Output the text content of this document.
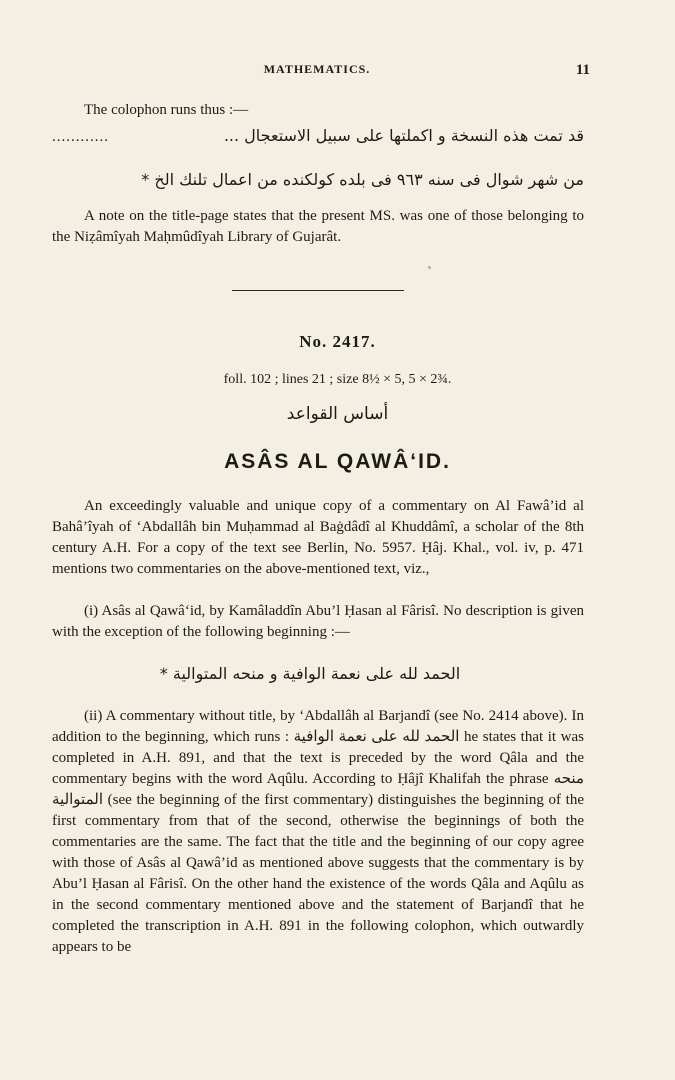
MATHEMATICS.	11
The colophon runs thus :—
............	قد تمت هذه النسخة و اكملتها على سبيل الاستعجال ...
من شهر شوال فى سنه ٩٦٣ فى بلده كولكنده من اعمال تلنك الخ *
A note on the title-page states that the present MS. was one of those belonging to the Niẓâmîyah Maḥmûdîyah Library of Gujarât.
No. 2417.
foll. 102 ; lines 21 ; size 8½ × 5, 5 × 2¾.
أساس القواعد
ASÂS AL QAWÂ‘ID.
An exceedingly valuable and unique copy of a commentary on Al Fawâ’id al Bahâ’îyah of ‘Abdallâh bin Muḥammad al Baġdâdî al Khuddâmî, a scholar of the 8th century A.H. For a copy of the text see Berlin, No. 5957. Ḥâj. Khal., vol. iv, p. 471 mentions two commentaries on the above-mentioned text, viz.,
(i) Asâs al Qawâ‘id, by Kamâladdîn Abu’l Ḥasan al Fârisî. No description is given with the exception of the following beginning :—
الحمد لله على نعمة الوافية و منحه المتوالية *
(ii) A commentary without title, by ‘Abdallâh al Barjandî (see No. 2414 above). In addition to the beginning, which runs : الحمد لله على نعمة الوافية he states that it was completed in A.H. 891, and that the text is preceded by the word Qâla and the commentary begins with the word Aqûlu. According to Ḥâjî Khalifah the phrase منحه المتوالية (see the beginning of the first commentary) distinguishes the beginning of the first commentary from that of the second, otherwise the beginnings of both the commentaries are the same. The fact that the title and the beginning of our copy agree with those of Asâs al Qawâ’id as mentioned above suggests that the commentary is by Abu’l Ḥasan al Fârisî. On the other hand the existence of the words Qâla and Aqûlu as in the second commentary mentioned above and the statement of Barjandî that he completed the transcription in A.H. 891 in the following colophon, which outwardly appears to be
